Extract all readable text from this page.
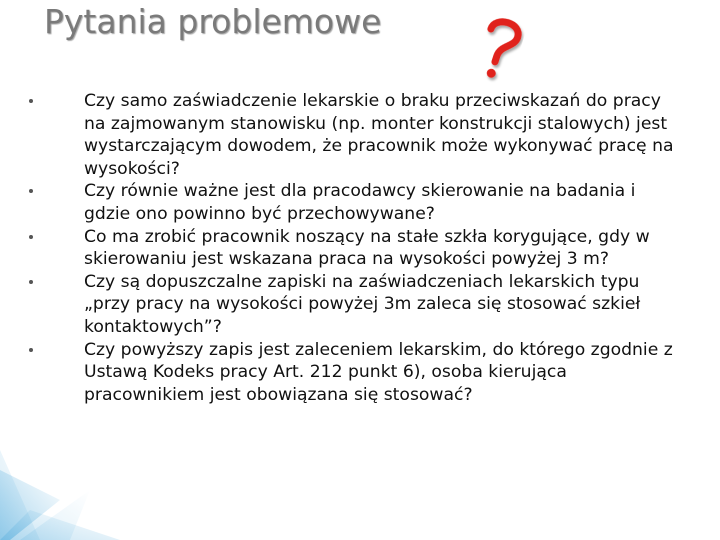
Pytania problemowe
Czy samo zaświadczenie lekarskie o braku przeciwskazań do pracy na zajmowanym stanowisku (np. monter konstrukcji stalowych) jest wystarczającym dowodem, że pracownik może wykonywać pracę na wysokości?
Czy równie ważne jest dla pracodawcy skierowanie na badania i gdzie ono powinno być przechowywane?
Co ma zrobić pracownik noszący na stałe szkła korygujące, gdy w skierowaniu jest wskazana praca na wysokości powyżej 3 m?
Czy są dopuszczalne zapiski na zaświadczeniach lekarskich typu „przy pracy na wysokości powyżej 3m zaleca się stosować szkieł kontaktowych”?
Czy powyższy zapis jest zaleceniem lekarskim, do którego zgodnie z Ustawą Kodeks pracy Art. 212 punkt 6), osoba kierująca pracownikiem jest obowiązana się stosować?
